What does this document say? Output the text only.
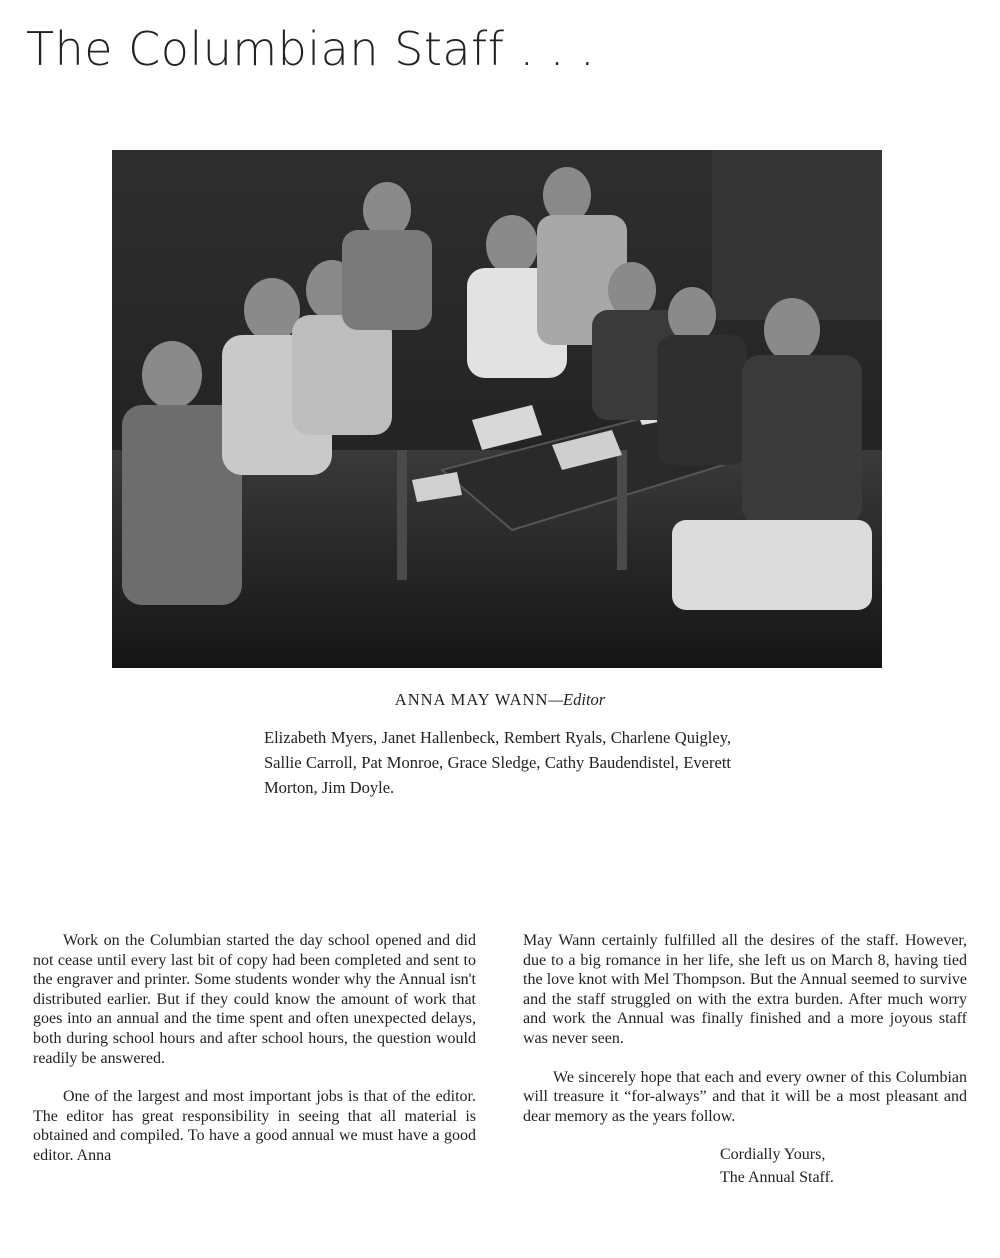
The Columbian Staff . . .
ANNA MAY WANN—Editor
Elizabeth Myers, Janet Hallenbeck, Rembert Ryals, Charlene Quigley, Sallie Carroll, Pat Monroe, Grace Sledge, Cathy Baudendistel, Everett Morton, Jim Doyle.

Work on the Columbian started the day school opened and did not cease until every last bit of copy had been completed and sent to the engraver and printer. Some students wonder why the Annual isn't distributed earlier. But if they could know the amount of work that goes into an annual and the time spent and often unexpected delays, both during school hours and after school hours, the question would readily be answered.

One of the largest and most important jobs is that of the editor. The editor has great responsibility in seeing that all material is obtained and compiled. To have a good annual we must have a good editor. Anna

May Wann certainly fulfilled all the desires of the staff. However, due to a big romance in her life, she left us on March 8, having tied the love knot with Mel Thompson. But the Annual seemed to survive and the staff struggled on with the extra burden. After much worry and work the Annual was finally finished and a more joyous staff was never seen.

We sincerely hope that each and every owner of this Columbian will treasure it “for-always” and that it will be a most pleasant and dear memory as the years follow.

Cordially Yours,
The Annual Staff.
